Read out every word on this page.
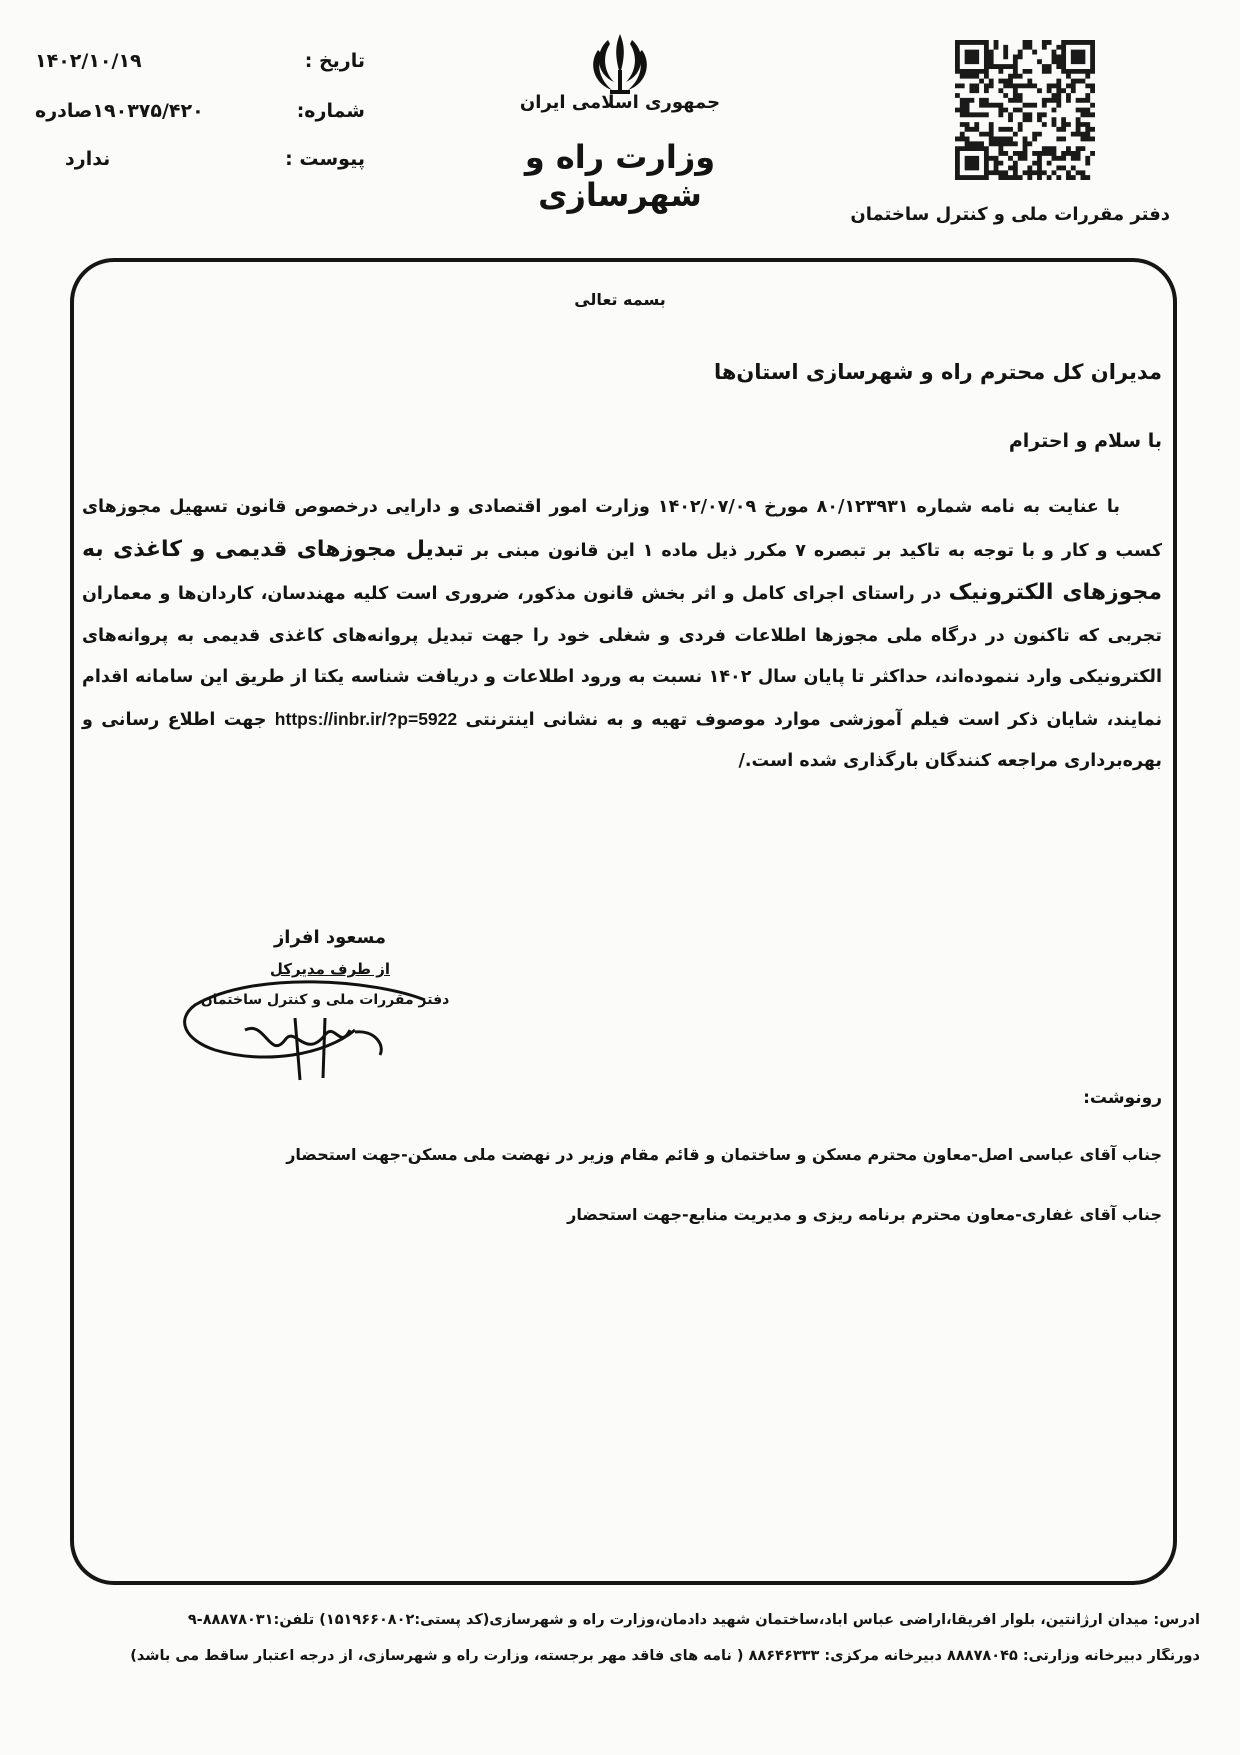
جمهوری اسلامی ایران
وزارت راه و شهرسازی
دفتر مقررات ملی و کنترل ساختمان
تاریخ :
۱۴۰۲/۱۰/۱۹
شماره:
۱۹۰۳۷۵/۴۲۰صادره
پیوست :
ندارد
بسمه تعالی
مدیران کل محترم راه و شهرسازی استان‌ها
با سلام و احترام

با عنایت به نامه شماره ۸۰/۱۲۳۹۳۱ مورخ ۱۴۰۲/۰۷/۰۹ وزارت امور اقتصادی و دارایی درخصوص قانون تسهیل مجوزهای کسب و کار و با توجه به تاکید بر تبصره ۷ مکرر ذیل ماده ۱ این قانون مبنی بر تبدیل مجوزهای قدیمی و کاغذی به مجوزهای الکترونیک در راستای اجرای کامل و اثر بخش قانون مذکور، ضروری است کلیه مهندسان، کاردان‌ها و معماران تجربی که تاکنون در درگاه ملی مجوزها اطلاعات فردی و شغلی خود را جهت تبدیل پروانه‌های کاغذی قدیمی به پروانه‌های الکترونیکی وارد ننموده‌اند، حداکثر تا پایان سال ۱۴۰۲ نسبت به ورود اطلاعات و دریافت شناسه یکتا از طریق این سامانه اقدام نمایند، شایان ذکر است فیلم آموزشی موارد موصوف تهیه و به نشانی اینترنتی https://inbr.ir/?p=5922 جهت اطلاع رسانی و بهره‌برداری مراجعه کنندگان بارگذاری شده است./

مسعود افراز
از طرف مدیرکل
دفتر مقررات ملی و کنترل ساختمان
رونوشت:
جناب آقای عباسی اصل-معاون محترم مسکن و ساختمان و قائم مقام وزیر در نهضت ملی مسکن-جهت استحضار
جناب آقای غفاری-معاون محترم برنامه ریزی و مدیریت منابع-جهت استحضار
آدرس: میدان آرژانتین، بلوار آفریقا،اراضی عباس آباد،ساختمان شهید دادمان،وزارت راه و شهرسازی(کد پستی:۱۵۱۹۶۶۰۸۰۲) تلفن:۸۸۸۷۸۰۳۱-۹
دورنگار دبیرخانه وزارتی: ۸۸۸۷۸۰۴۵ دبیرخانه مرکزی: ۸۸۶۴۶۳۳۳ ( نامه های فاقد مهر برجسته، وزارت راه و شهرسازی، از درجه اعتبار ساقط می باشد)
